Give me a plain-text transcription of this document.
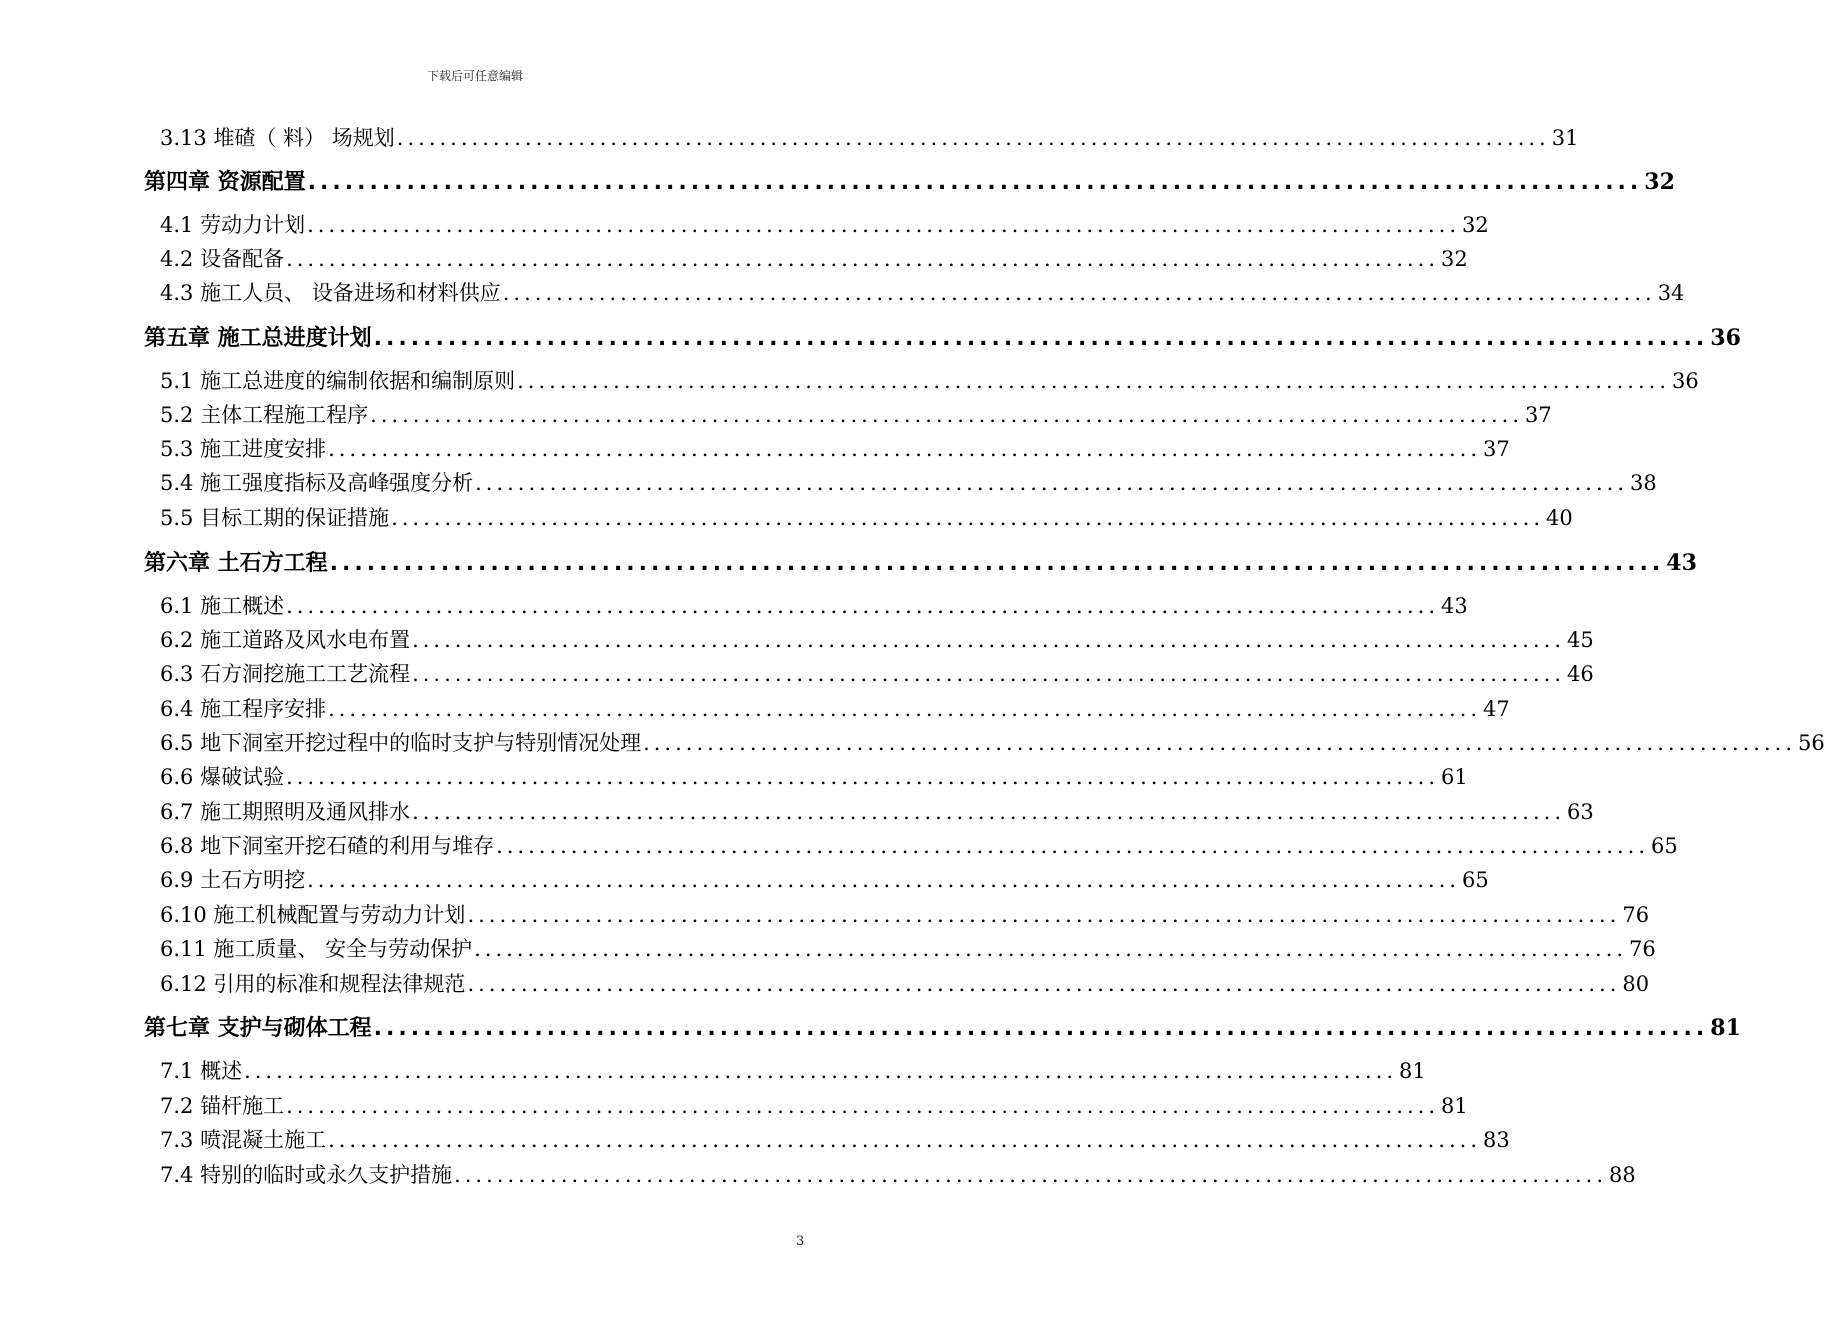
下载后可任意编辑
3.13 堆碴（ 料） 场规划 ............................................................................................................ 31
第四章 资源配置 ............................................................................................................ 32
4.1 劳动力计划 ............................................................................................................ 32
4.2 设备配备 ............................................................................................................ 32
4.3 施工人员、 设备进场和材料供应 ............................................................................................................ 34
第五章 施工总进度计划 ............................................................................................................ 36
5.1 施工总进度的编制依据和编制原则 ............................................................................................................ 36
5.2 主体工程施工程序 ............................................................................................................ 37
5.3 施工进度安排 ............................................................................................................ 37
5.4 施工强度指标及高峰强度分析 ............................................................................................................ 38
5.5 目标工期的保证措施 ............................................................................................................ 40
第六章 土石方工程 ............................................................................................................ 43
6.1 施工概述 ............................................................................................................ 43
6.2 施工道路及风水电布置 ............................................................................................................ 45
6.3 石方洞挖施工工艺流程 ............................................................................................................ 46
6.4 施工程序安排 ............................................................................................................ 47
6.5 地下洞室开挖过程中的临时支护与特别情况处理 ............................................................................................................ 56
6.6 爆破试验 ............................................................................................................ 61
6.7 施工期照明及通风排水 ............................................................................................................ 63
6.8 地下洞室开挖石碴的利用与堆存 ............................................................................................................ 65
6.9 土石方明挖 ............................................................................................................ 65
6.10 施工机械配置与劳动力计划 ............................................................................................................ 76
6.11 施工质量、 安全与劳动保护 ............................................................................................................ 76
6.12 引用的标准和规程法律规范 ............................................................................................................ 80
第七章 支护与砌体工程 ............................................................................................................ 81
7.1 概述 ............................................................................................................ 81
7.2 锚杆施工 ............................................................................................................ 81
7.3 喷混凝土施工 ............................................................................................................ 83
7.4 特别的临时或永久支护措施 ............................................................................................................ 88
3
